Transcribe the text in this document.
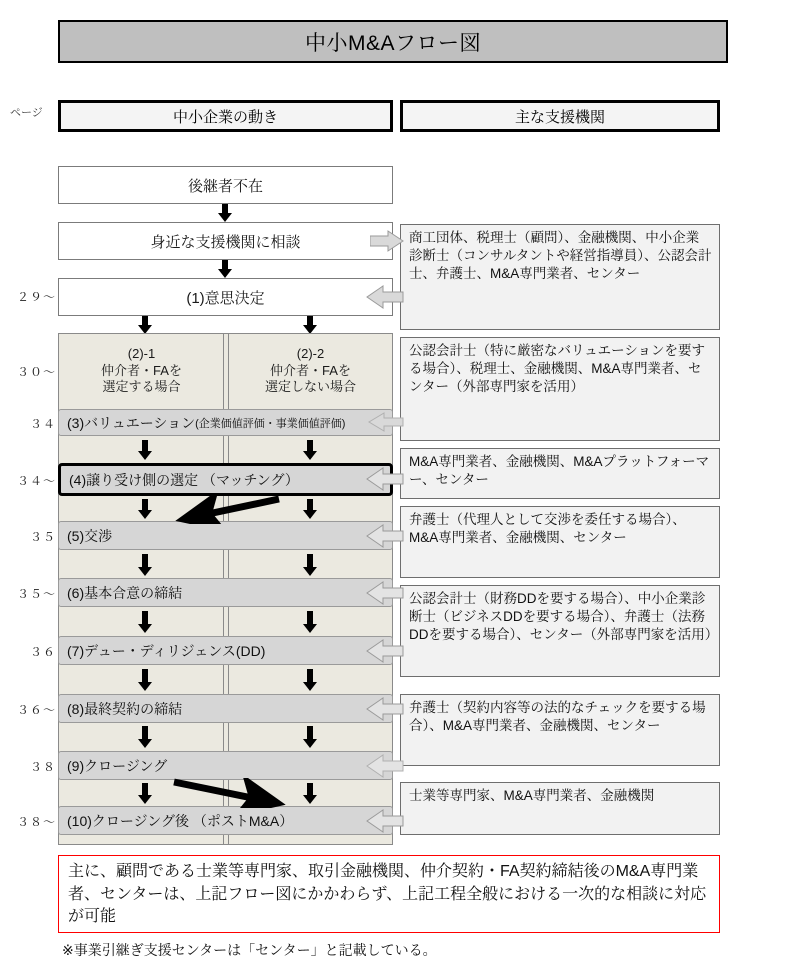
中小M&Aフロー図
ページ	中小企業の動き	主な支援機関
後継者不在
身近な支援機関に相談
(1)意思決定
２９～
(2)-1
仲介者・FAを
選定する場合
(2)-2
仲介者・FAを
選定しない場合
３０～
(3)バリュエーション (企業価値評価・事業価値評価)
３４
(4)譲り受け側の選定 （マッチング）
３４～
(5)交渉
３５
(6)基本合意の締結
３５～
(7)デュー・ディリジェンス(DD)
３６
(8)最終契約の締結
３６～
(9)クロージング
３８
(10)クロージング後 （ポストM&A）
３８～
商工団体、税理士（顧問）、金融機関、中小企業診断士（コンサルタントや経営指導員）、公認会計士、弁護士、M&A専門業者、センター
公認会計士（特に厳密なバリュエーションを要する場合）、税理士、金融機関、M&A専門業者、センター（外部専門家を活用）
M&A専門業者、金融機関、M&Aプラットフォーマー、センター
弁護士（代理人として交渉を委任する場合）、M&A専門業者、金融機関、センター
公認会計士（財務DDを要する場合）、中小企業診断士（ビジネスDDを要する場合）、弁護士（法務DDを要する場合）、センター（外部専門家を活用）
弁護士（契約内容等の法的なチェックを要する場合）、M&A専門業者、金融機関、センター
士業等専門家、M&A専門業者、金融機関
主に、顧問である士業等専門家、取引金融機関、仲介契約・FA契約締結後のM&A専門業者、センターは、上記フロー図にかかわらず、上記工程全般における一次的な相談に対応が可能
※事業引継ぎ支援センターは「センター」と記載している。
